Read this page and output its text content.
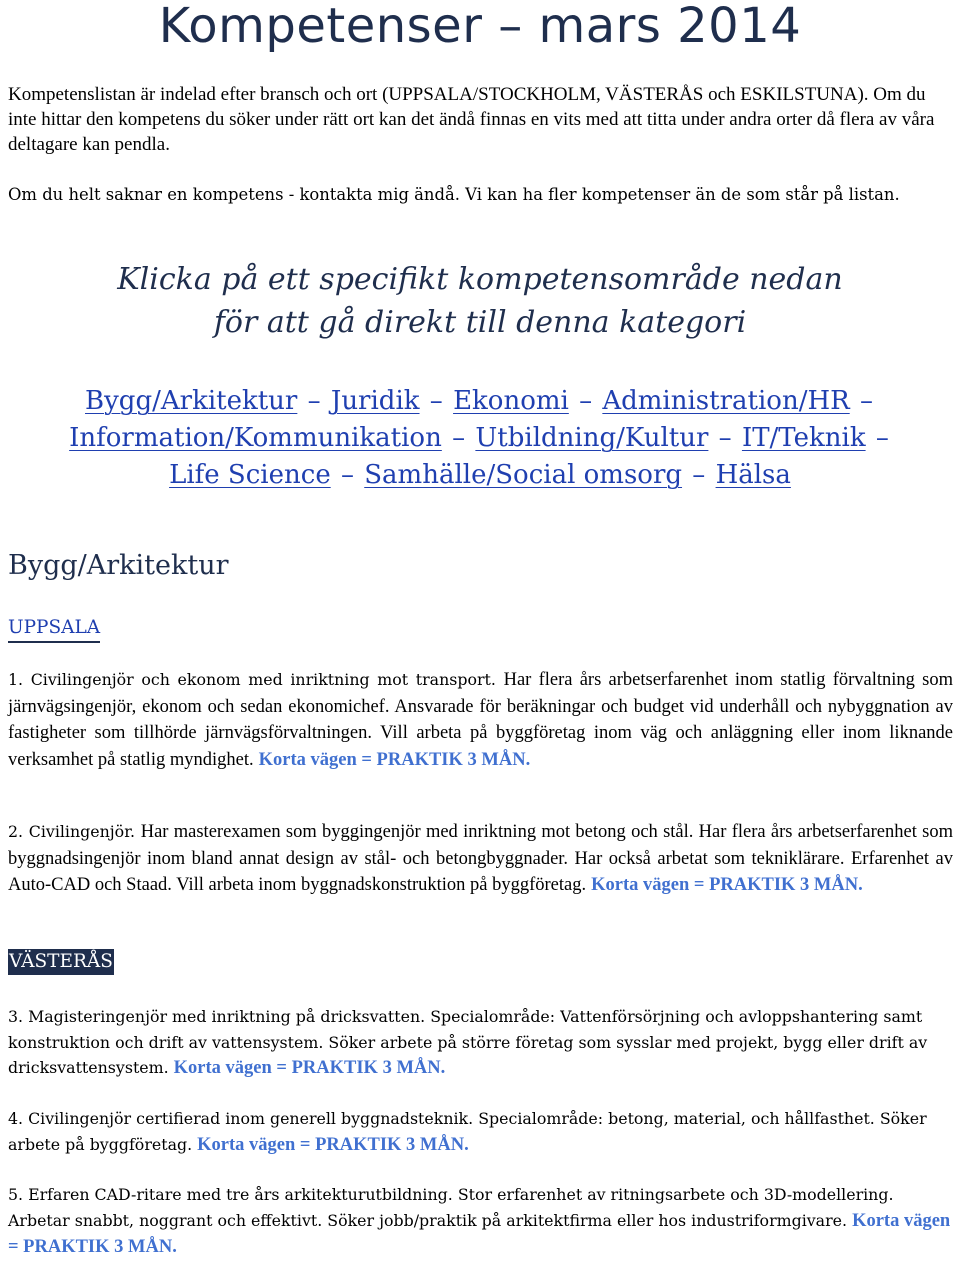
Kompetenser – mars 2014

Kompetenslistan är indelad efter bransch och ort (UPPSALA/STOCKHOLM, VÄSTERÅS och ESKILSTUNA). Om du inte hittar den kompetens du söker under rätt ort kan det ändå finnas en vits med att titta under andra orter då flera av våra deltagare kan pendla.

Om du helt saknar en kompetens - kontakta mig ändå. Vi kan ha fler kompetenser än de som står på listan.

Klicka på ett specifikt kompetensområde nedan
för att gå direkt till denna kategori
Bygg/Arkitektur – Juridik – Ekonomi – Administration/HR –
Information/Kommunikation – Utbildning/Kultur – IT/Teknik –
Life Science – Samhälle/Social omsorg – Hälsa
Bygg/Arkitektur
UPPSALA

1. Civilingenjör och ekonom med inriktning mot transport. Har flera års arbetserfarenhet inom statlig förvaltning som järnvägsingenjör, ekonom och sedan ekonomichef. Ansvarade för beräkningar och budget vid underhåll och nybyggnation av fastigheter som tillhörde järnvägsförvaltningen. Vill arbeta på byggföretag inom väg och anläggning eller inom liknande verksamhet på statlig myndighet. Korta vägen = PRAKTIK 3 MÅN.

2. Civilingenjör. Har masterexamen som byggingenjör med inriktning mot betong och stål. Har flera års arbetserfarenhet som byggnadsingenjör inom bland annat design av stål- och betongbyggnader. Har också arbetat som tekniklärare. Erfarenhet av Auto-CAD och Staad. Vill arbeta inom byggnadskonstruktion på byggföretag. Korta vägen = PRAKTIK 3 MÅN.

VÄSTERÅS

3. Magisteringenjör med inriktning på dricksvatten. Specialområde: Vattenförsörjning och avloppshantering samt konstruktion och drift av vattensystem. Söker arbete på större företag som sysslar med projekt, bygg eller drift av dricksvattensystem. Korta vägen = PRAKTIK 3 MÅN.

4. Civilingenjör certifierad inom generell byggnadsteknik. Specialområde: betong, material, och hållfasthet. Söker arbete på byggföretag. Korta vägen = PRAKTIK 3 MÅN.

5. Erfaren CAD-ritare med tre års arkitekturutbildning. Stor erfarenhet av ritningsarbete och 3D-modellering. Arbetar snabbt, noggrant och effektivt. Söker jobb/praktik på arkitektfirma eller hos industriformgivare. Korta vägen = PRAKTIK 3 MÅN.
